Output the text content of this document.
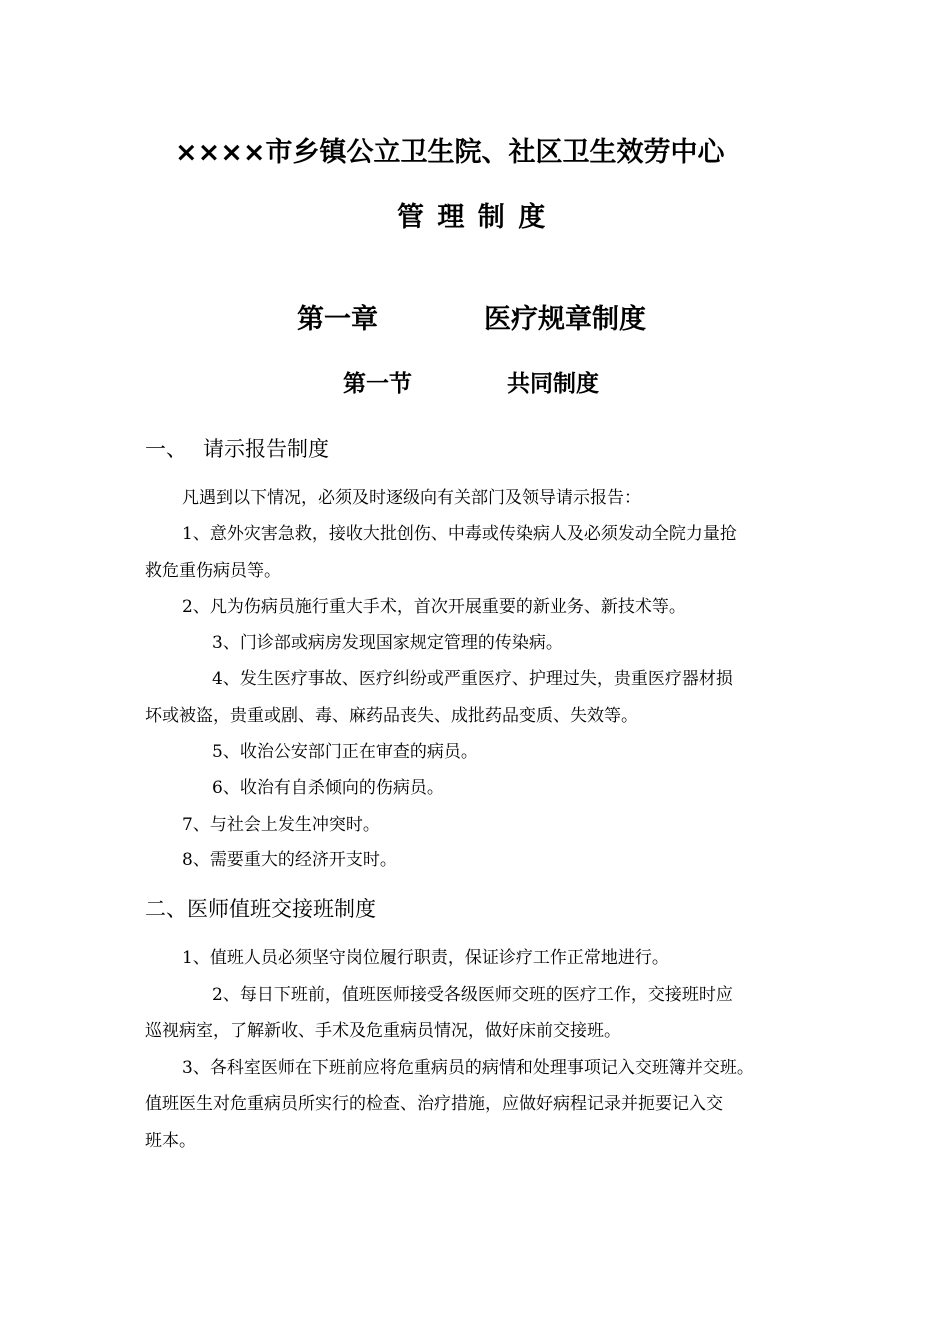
××××市乡镇公立卫生院、社区卫生效劳中心
管 理 制 度
第一章	医疗规章制度
第一节	共同制度
一、 请示报告制度
凡遇到以下情况，必须及时逐级向有关部门及领导请示报告：
1、意外灾害急救，接收大批创伤、中毒或传染病人及必须发动全院力量抢
救危重伤病员等。
2、凡为伤病员施行重大手术，首次开展重要的新业务、新技术等。
3、门诊部或病房发现国家规定管理的传染病。
4、发生医疗事故、医疗纠纷或严重医疗、护理过失，贵重医疗器材损
坏或被盗，贵重或剧、毒、麻药品丧失、成批药品变质、失效等。
5、收治公安部门正在审查的病员。
6、收治有自杀倾向的伤病员。
7、与社会上发生冲突时。
8、需要重大的经济开支时。
二、医师值班交接班制度
1、值班人员必须坚守岗位履行职责，保证诊疗工作正常地进行。
2、每日下班前，值班医师接受各级医师交班的医疗工作，交接班时应
巡视病室，了解新收、手术及危重病员情况，做好床前交接班。
3、各科室医师在下班前应将危重病员的病情和处理事项记入交班簿并交班。
值班医生对危重病员所实行的检查、治疗措施，应做好病程记录并扼要记入交
班本。
